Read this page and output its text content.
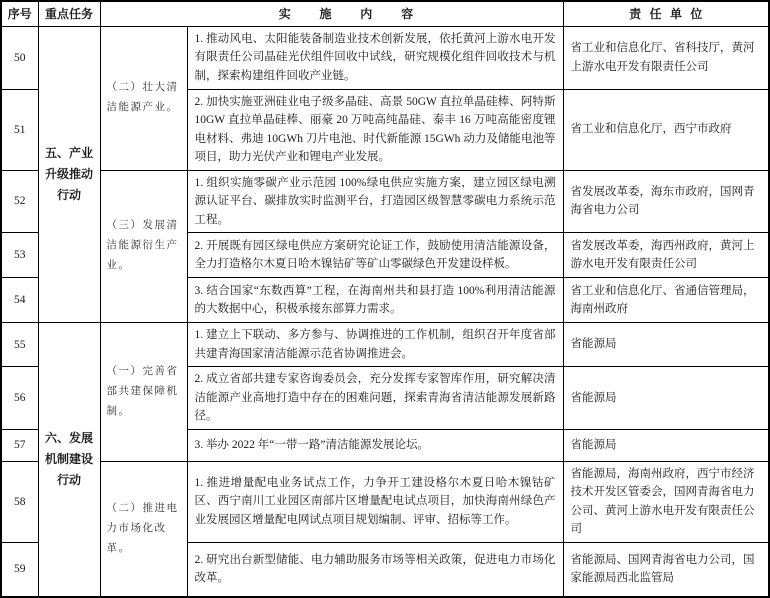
序号	重点任务	实施内容		责任单位
50	五、产业升级推动行动	（二）壮大清洁能源产业。	1. 推动风电、太阳能装备制造业技术创新发展，依托黄河上游水电开发有限责任公司晶硅光伏组件回收中试线，研究规模化组件回收技术与机制，探索构建组件回收产业链。	省工业和信息化厅、省科技厅，黄河上游水电开发有限责任公司
51			2. 加快实施亚洲硅业电子级多晶硅、高景 50GW 直拉单晶硅棒、阿特斯 10GW 直拉单晶硅棒、丽豪 20 万吨高纯晶硅、泰丰 16 万吨高能密度锂电材料、弗迪 10GWh 刀片电池、时代新能源 15GWh 动力及储能电池等项目，助力光伏产业和锂电产业发展。	省工业和信息化厅，西宁市政府
52		（三）发展清洁能源衍生产业。	1. 组织实施零碳产业示范园 100%绿电供应实施方案，建立园区绿电溯源认证平台、碳排放实时监测平台，打造园区级智慧零碳电力系统示范工程。	省发展改革委，海东市政府，国网青海省电力公司
53			2. 开展既有园区绿电供应方案研究论证工作，鼓励使用清洁能源设备，全力打造格尔木夏日哈木镍钴矿等矿山零碳绿色开发建设样板。	省发展改革委，海西州政府，黄河上游水电开发有限责任公司
54			3. 结合国家“东数西算”工程，在海南州共和县打造 100%利用清洁能源的大数据中心，积极承接东部算力需求。	省工业和信息化厅、省通信管理局，海南州政府
55	六、发展机制建设行动	（一）完善省部共建保障机制。	1. 建立上下联动、多方参与、协调推进的工作机制，组织召开年度省部共建青海国家清洁能源示范省协调推进会。	省能源局
56			2. 成立省部共建专家咨询委员会，充分发挥专家智库作用，研究解决清洁能源产业高地打造中存在的困难问题，探索青海省清洁能源发展新路径。	省能源局
57			3. 举办 2022 年“一带一路”清洁能源发展论坛。	省能源局
58		（二）推进电力市场化改革。	1. 推进增量配电业务试点工作，力争开工建设格尔木夏日哈木镍钴矿区、西宁南川工业园区南部片区增量配电试点项目，加快海南州绿色产业发展园区增量配电网试点项目规划编制、评审、招标等工作。	省能源局，海南州政府，西宁市经济技术开发区管委会，国网青海省电力公司、黄河上游水电开发有限责任公司
59			2. 研究出台新型储能、电力辅助服务市场等相关政策，促进电力市场化改革。	省能源局、国网青海省电力公司，国家能源局西北监管局
